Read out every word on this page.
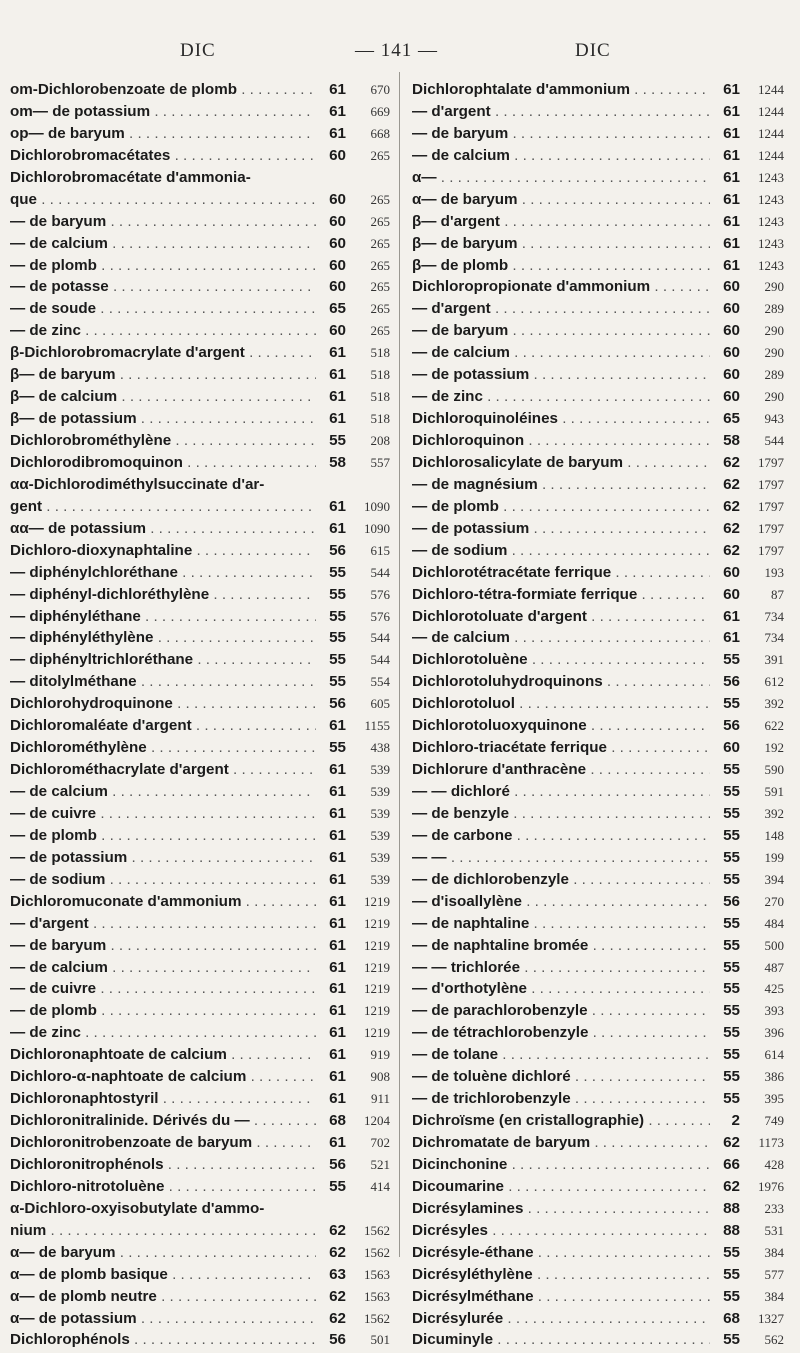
DIC	— 141 —	DIC
om-Dichlorobenzoate de plomb . . .	61	670
om— de potassium . . .	61	669
op— de baryum . . .	61	668
Dichlorobromacétates . . .	60	265
Dichlorobromacétate d'ammonia-
que . . .	60	265
— de baryum . . .	60	265
— de calcium . . .	60	265
— de plomb . . .	60	265
— de potasse . . .	60	265
— de soude . . .	65	265
— de zinc . . .	60	265
β-Dichlorobromacrylate d'argent . . .	61	518
β— de baryum . . .	61	518
β— de calcium . . .	61	518
β— de potassium . . .	61	518
Dichlorobrométhylène . . .	55	208
Dichlorodibromoquinon . . .	58	557
αα-Dichlorodiméthylsuccinate d'ar-
gent . . .	61	1090
αα— de potassium . . .	61	1090
Dichloro-dioxynaphtaline . . .	56	615
— diphénylchloréthane . . .	55	544
— diphényl-dichloréthylène . . .	55	576
— diphényléthane . . .	55	576
— diphényléthylène . . .	55	544
— diphényltrichloréthane . . .	55	544
— ditolylméthane . . .	55	554
Dichlorohydroquinone . . .	56	605
Dichloromaléate d'argent . . .	61	1155
Dichlorométhylène . . .	55	438
Dichlorométhacrylate d'argent . . .	61	539
— de calcium . . .	61	539
— de cuivre . . .	61	539
— de plomb . . .	61	539
— de potassium . . .	61	539
— de sodium . . .	61	539
Dichloromuconate d'ammonium . . .	61	1219
— d'argent . . .	61	1219
— de baryum . . .	61	1219
— de calcium . . .	61	1219
— de cuivre . . .	61	1219
— de plomb . . .	61	1219
— de zinc . . .	61	1219
Dichloronaphtoate de calcium . . .	61	919
Dichloro-α-naphtoate de calcium . . .	61	908
Dichloronaphtostyril . . .	61	911
Dichloronitralinide. Dérivés du — . . .	68	1204
Dichloronitrobenzoate de baryum . . .	61	702
Dichloronitrophénols . . .	56	521
Dichloro-nitrotoluène . . .	55	414
α-Dichloro-oxyisobutylate d'ammo-
nium . . .	62	1562
α— de baryum . . .	62	1562
α— de plomb basique . . .	63	1563
α— de plomb neutre . . .	62	1563
α— de potassium . . .	62	1562
Dichlorophénols . . .	56	501
Dichlorophtalate d'ammonium . . .	61	1244
— d'argent . . .	61	1244
— de baryum . . .	61	1244
— de calcium . . .	61	1244
α— . . .	61	1243
α— de baryum . . .	61	1243
β— d'argent . . .	61	1243
β— de baryum . . .	61	1243
β— de plomb . . .	61	1243
Dichloropropionate d'ammonium . . .	60	290
— d'argent . . .	60	289
— de baryum . . .	60	290
— de calcium . . .	60	290
— de potassium . . .	60	289
— de zinc . . .	60	290
Dichloroquinoléines . . .	65	943
Dichloroquinon . . .	58	544
Dichlorosalicylate de baryum . . .	62	1797
— de magnésium . . .	62	1797
— de plomb . . .	62	1797
— de potassium . . .	62	1797
— de sodium . . .	62	1797
Dichlorotétracétate ferrique . . .	60	193
Dichloro-tétra-formiate ferrique . . .	60	87
Dichlorotoluate d'argent . . .	61	734
— de calcium . . .	61	734
Dichlorotoluène . . .	55	391
Dichlorotoluhydroquinons . . .	56	612
Dichlorotoluol . . .	55	392
Dichlorotoluoxyquinone . . .	56	622
Dichloro-triacétate ferrique . . .	60	192
Dichlorure d'anthracène . . .	55	590
— — dichloré . . .	55	591
— de benzyle . . .	55	392
— de carbone . . .	55	148
— — . . .	55	199
— de dichlorobenzyle . . .	55	394
— d'isoallylène . . .	56	270
— de naphtaline . . .	55	484
— de naphtaline bromée . . .	55	500
— — trichlorée . . .	55	487
— d'orthotylène . . .	55	425
— de parachlorobenzyle . . .	55	393
— de tétrachlorobenzyle . . .	55	396
— de tolane . . .	55	614
— de toluène dichloré . . .	55	386
— de trichlorobenzyle . . .	55	395
Dichroïsme (en cristallographie) . . .	2	749
Dichromatate de baryum . . .	62	1173
Dicinchonine . . .	66	428
Dicoumarine . . .	62	1976
Dicrésylamines . . .	88	233
Dicrésyles . . .	88	531
Dicrésyle-éthane . . .	55	384
Dicrésyléthylène . . .	55	577
Dicrésylméthane . . .	55	384
Dicrésylurée . . .	68	1327
Dicuminyle . . .	55	562
